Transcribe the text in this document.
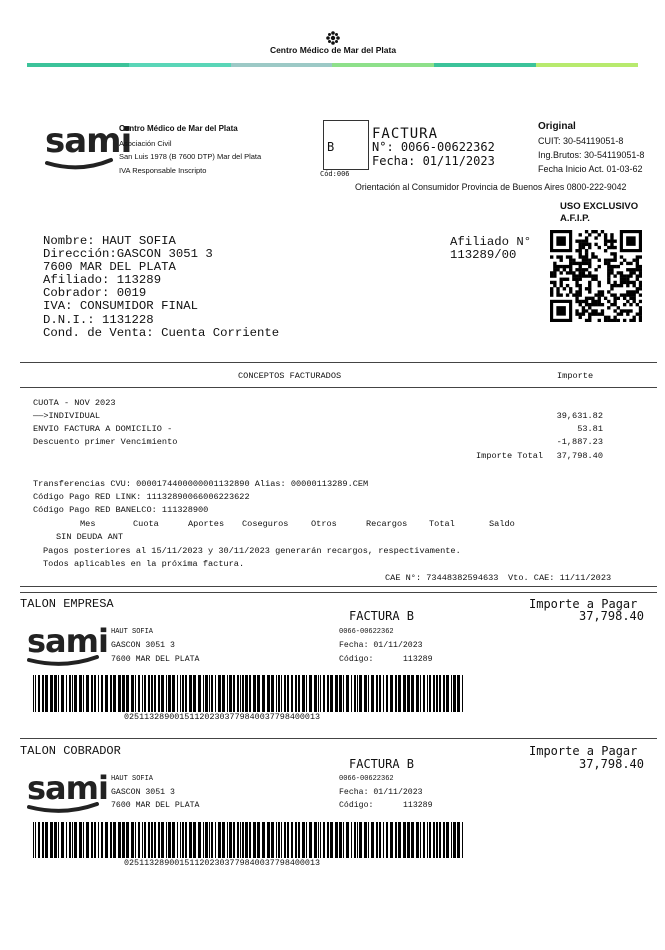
Centro Médico de Mar del Plata
sami
Centro Médico de Mar del Plata
Asociación Civil
San Luis 1978 (B 7600 DTP) Mar del Plata
IVA Responsable Inscripto
B
Cód:006
FACTURA
N°: 0066-00622362
Fecha: 01/11/2023
Original
CUIT: 30-54119051-8
Ing.Brutos: 30-54119051-8
Fecha Inicio Act. 01-03-62
Orientación al Consumidor Provincia de Buenos Aires 0800-222-9042
USO EXCLUSIVO
A.F.I.P.
Nombre: HAUT SOFIA
Dirección:GASCON 3051 3
7600 MAR DEL PLATA
Afiliado: 113289
Cobrador: 0019
IVA: CONSUMIDOR FINAL
D.N.I.: 1131228
Cond. de Venta: Cuenta Corriente
Afiliado N°
113289/00
CONCEPTOS FACTURADOS	Importe
CUOTA - NOV 2023
——>INDIVIDUAL	39,631.82
ENVIO FACTURA A DOMICILIO -	53.81
Descuento primer Vencimiento	-1,887.23
Importe Total	37,798.40
Transferencias CVU: 0000174400000001132890 Alias: 00000113289.CEM
Código Pago RED LINK: 11132890066006223622
Código Pago RED BANELCO: 111328900
Mes	Cuota	Aportes Coseguros	Otros	Recargos	Total	Saldo
SIN DEUDA ANT
Pagos posteriores al 15/11/2023 y 30/11/2023 generarán recargos, respectivamente.
Todos aplicables en la próxima factura.
CAE N°: 73448382594633 Vto. CAE: 11/11/2023
TALON EMPRESA
FACTURA B
Importe a Pagar
37,798.40
sami HAUT SOFIA
GASCON 3051 3
7600 MAR DEL PLATA
0066-00622362
Fecha: 01/11/2023
Código:	113289
025113289001511202303779840037798400013
TALON COBRADOR
FACTURA B
Importe a Pagar
37,798.40
sami HAUT SOFIA
GASCON 3051 3
7600 MAR DEL PLATA
0066-00622362
Fecha: 01/11/2023
Código:	113289
025113289001511202303779840037798400013
